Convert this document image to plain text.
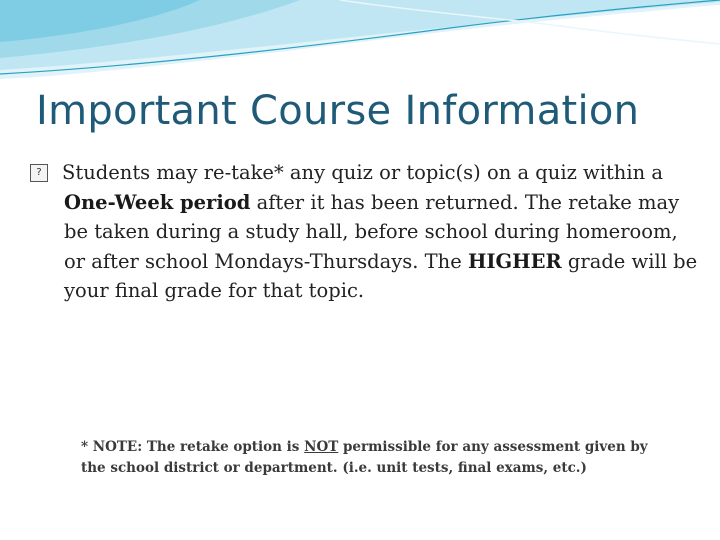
Important Course Information
?	Students may re-take* any quiz or topic(s) on a quiz within a One-Week period after it has been returned. The retake may be taken during a study hall, before school during homeroom, or after school Mondays-Thursdays. The HIGHER grade will be your final grade for that topic.

* NOTE: The retake option is NOT permissible for any assessment given by the school district or department. (i.e. unit tests, final exams, etc.)
